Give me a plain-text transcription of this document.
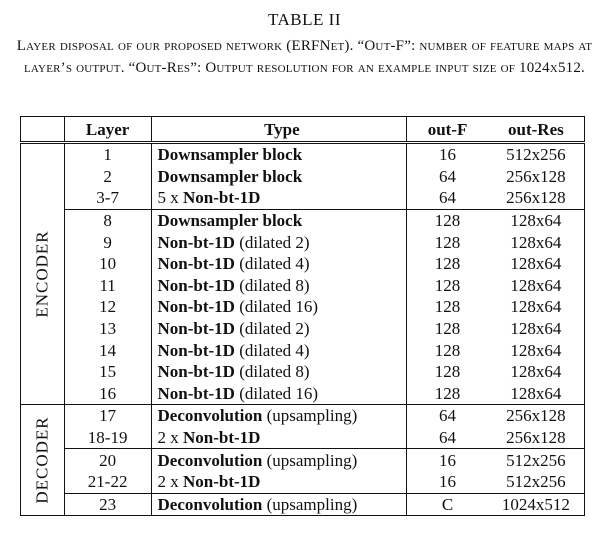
TABLE II
Layer disposal of our proposed network (ERFNet). “Out-F”: number of feature maps at layer’s output. “Out-Res”: Output resolution for an example input size of 1024x512.
	Layer	Type	out-F	out-Res

ENCODER	1	Downsampler block	16	512x256
	2	Downsampler block	64	256x128
	3-7	5 x Non-bt-1D	64	256x128
	8	Downsampler block	128	128x64
	9	Non-bt-1D (dilated 2)	128	128x64
	10	Non-bt-1D (dilated 4)	128	128x64
	11	Non-bt-1D (dilated 8)	128	128x64
	12	Non-bt-1D (dilated 16)	128	128x64
	13	Non-bt-1D (dilated 2)	128	128x64
	14	Non-bt-1D (dilated 4)	128	128x64
	15	Non-bt-1D (dilated 8)	128	128x64
	16	Non-bt-1D (dilated 16)	128	128x64

DECODER	17	Deconvolution (upsampling)	64	256x128
	18-19	2 x Non-bt-1D	64	256x128
	20	Deconvolution (upsampling)	16	512x256
	21-22	2 x Non-bt-1D	16	512x256
	23	Deconvolution (upsampling)	C	1024x512
